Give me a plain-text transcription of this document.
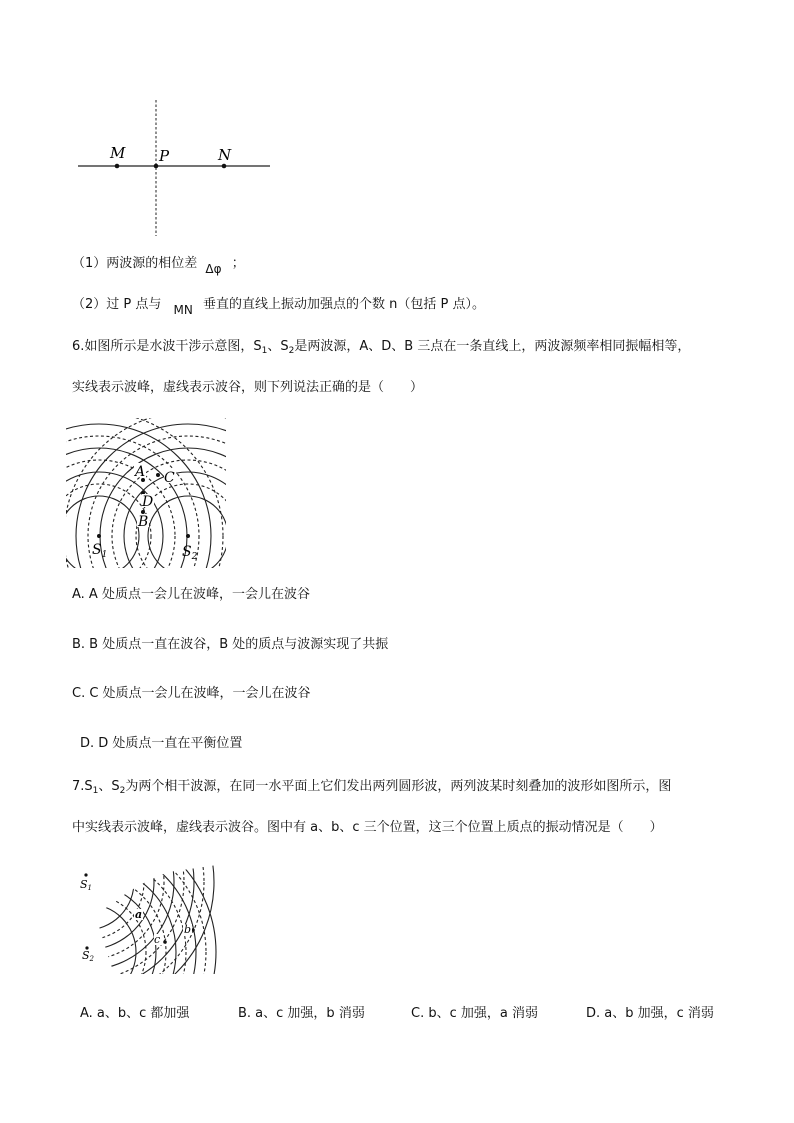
M P	N
（1）两波源的相位差 Δφ ；
（2）过 P 点与 MN 垂直的直线上振动加强点的个数 n（包括 P 点）。
6.如图所示是水波干涉示意图，$S_1$、$S_2$是两波源，A、D、B 三点在一条直线上，两波源频率相同振幅相等，
实线表示波峰，虚线表示波谷，则下列说法正确的是（　　）
A C
D
B
$S_1$	$S_2$
A. A 处质点一会儿在波峰，一会儿在波谷
B. B 处质点一直在波谷，B 处的质点与波源实现了共振
C. C 处质点一会儿在波峰，一会儿在波谷
D. D 处质点一直在平衡位置
$7.S_1$、$S_2$为两个相干波源，在同一水平面上它们发出两列圆形波，两列波某时刻叠加的波形如图所示，图
中实线表示波峰，虚线表示波谷。图中有 a、b、c 三个位置，这三个位置上质点的振动情况是（　　）
S1
S2
a
b
c
A. a、b、c 都加强	B. a、c 加强，b 消弱	C. b、c 加强，a 消弱	D. a、b 加强，c 消弱
